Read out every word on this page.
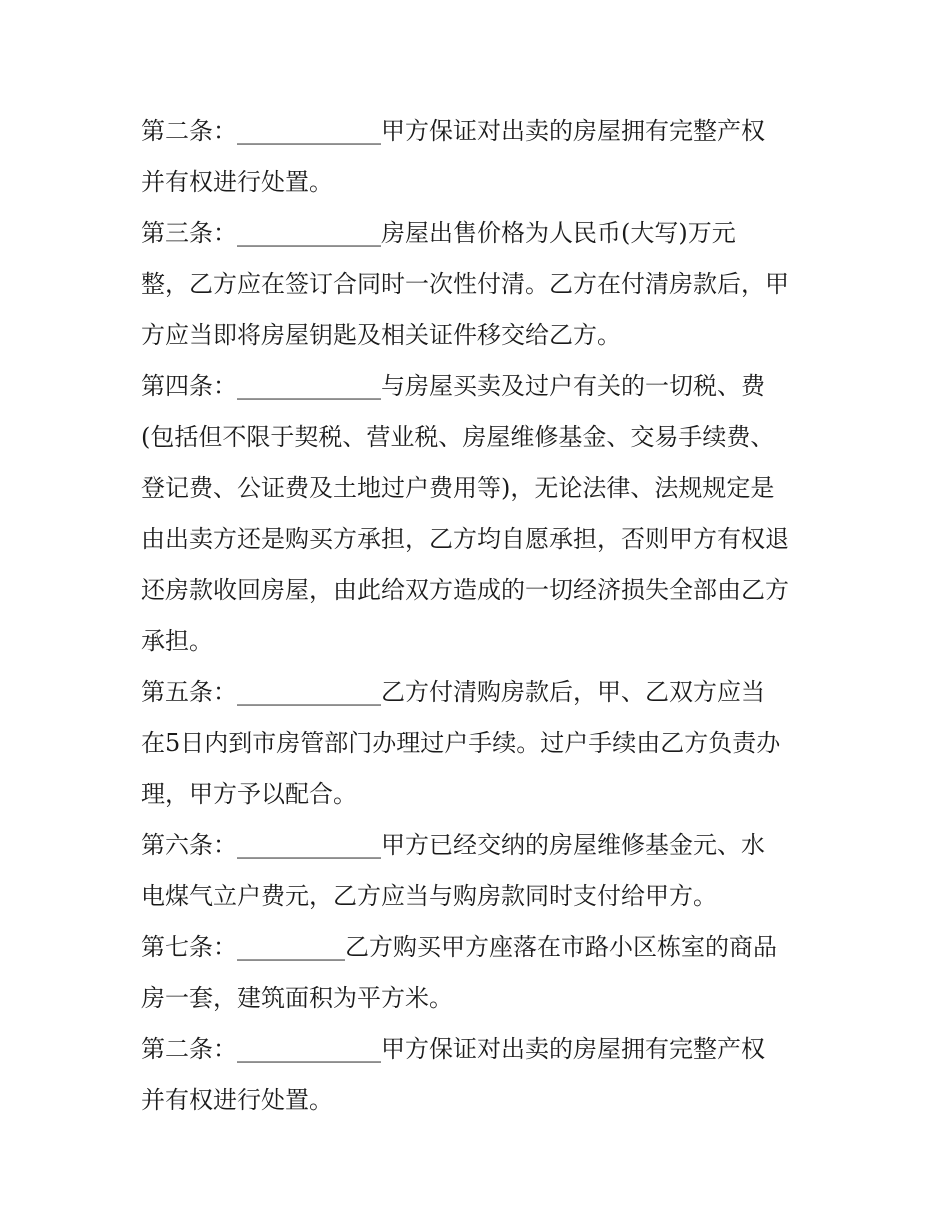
第二条：____________甲方保证对出卖的房屋拥有完整产权
并有权进行处置。
第三条：____________房屋出售价格为人民币(大写)万元
整，乙方应在签订合同时一次性付清。乙方在付清房款后，甲
方应当即将房屋钥匙及相关证件移交给乙方。
第四条：____________与房屋买卖及过户有关的一切税、费
(包括但不限于契税、营业税、房屋维修基金、交易手续费、
登记费、公证费及土地过户费用等)，无论法律、法规规定是
由出卖方还是购买方承担，乙方均自愿承担，否则甲方有权退
还房款收回房屋，由此给双方造成的一切经济损失全部由乙方
承担。
第五条：____________乙方付清购房款后，甲、乙双方应当
在5日内到市房管部门办理过户手续。过户手续由乙方负责办
理，甲方予以配合。
第六条：____________甲方已经交纳的房屋维修基金元、水
电煤气立户费元，乙方应当与购房款同时支付给甲方。
第七条：_________乙方购买甲方座落在市路小区栋室的商品
房一套，建筑面积为平方米。
第二条：____________甲方保证对出卖的房屋拥有完整产权
并有权进行处置。
